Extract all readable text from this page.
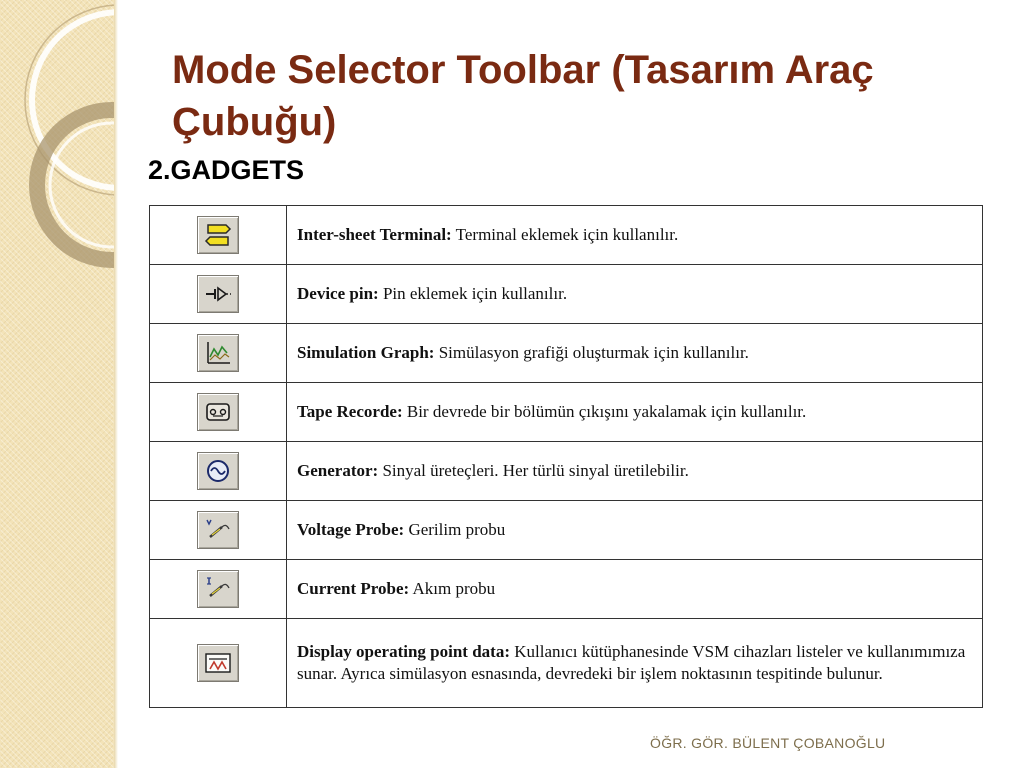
Mode Selector Toolbar (Tasarım Araç Çubuğu)
2.GADGETS
	Inter-sheet Terminal: Terminal eklemek için kullanılır.

	Device pin: Pin eklemek için kullanılır.

	Simulation Graph: Simülasyon grafiği oluşturmak için kullanılır.

	Tape Recorde: Bir devrede bir bölümün çıkışını yakalamak için kullanılır.

	Generator: Sinyal üreteçleri. Her türlü sinyal üretilebilir.

	Voltage Probe: Gerilim probu

	Current Probe: Akım probu

	Display operating point data: Kullanıcı kütüphanesinde VSM cihazları listeler ve kullanımımıza sunar. Ayrıca simülasyon esnasında, devredeki bir işlem noktasının tespitinde bulunur.
ÖĞR. GÖR. BÜLENT ÇOBANOĞLU
